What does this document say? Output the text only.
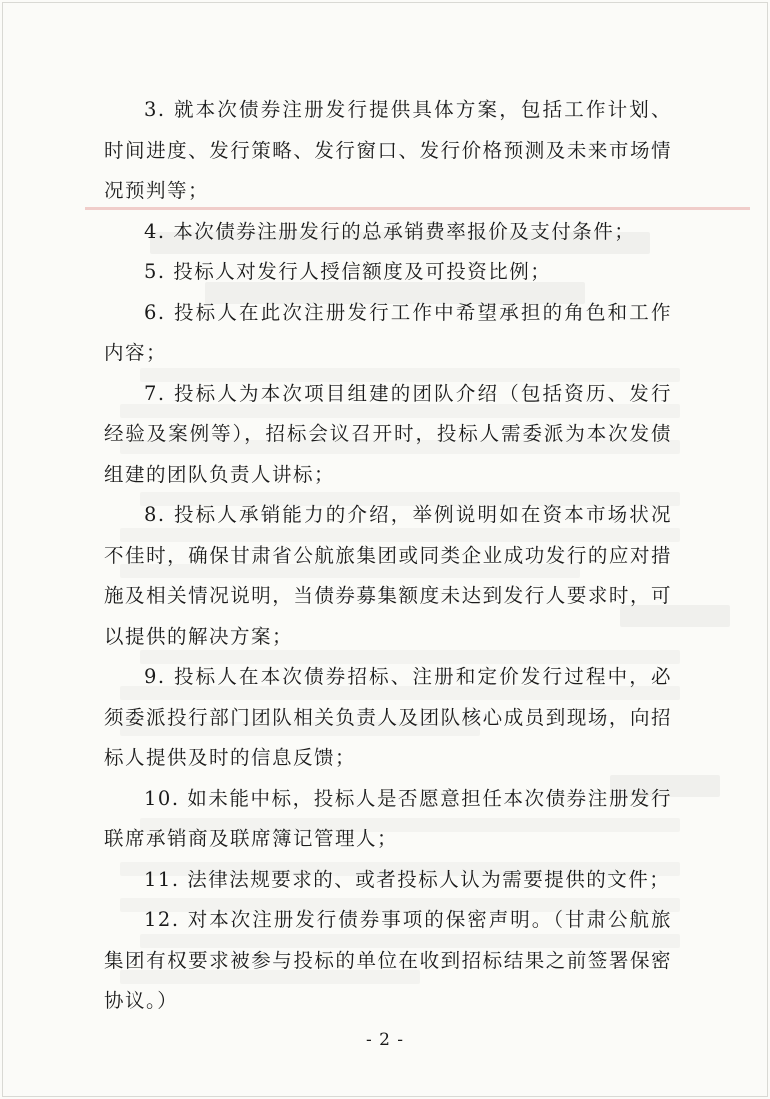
3. 就本次债券注册发行提供具体方案，包括工作计划、时间进度、发行策略、发行窗口、发行价格预测及未来市场情况预判等；

4. 本次债券注册发行的总承销费率报价及支付条件；

5. 投标人对发行人授信额度及可投资比例；

6. 投标人在此次注册发行工作中希望承担的角色和工作内容；

7. 投标人为本次项目组建的团队介绍（包括资历、发行经验及案例等），招标会议召开时，投标人需委派为本次发债组建的团队负责人讲标；

8. 投标人承销能力的介绍，举例说明如在资本市场状况不佳时，确保甘肃省公航旅集团或同类企业成功发行的应对措施及相关情况说明，当债券募集额度未达到发行人要求时，可以提供的解决方案；

9. 投标人在本次债券招标、注册和定价发行过程中，必须委派投行部门团队相关负责人及团队核心成员到现场，向招标人提供及时的信息反馈；

10. 如未能中标，投标人是否愿意担任本次债券注册发行联席承销商及联席簿记管理人；

11. 法律法规要求的、或者投标人认为需要提供的文件；

12. 对本次注册发行债券事项的保密声明。（甘肃公航旅集团有权要求被参与投标的单位在收到招标结果之前签署保密协议。）

- 2 -
